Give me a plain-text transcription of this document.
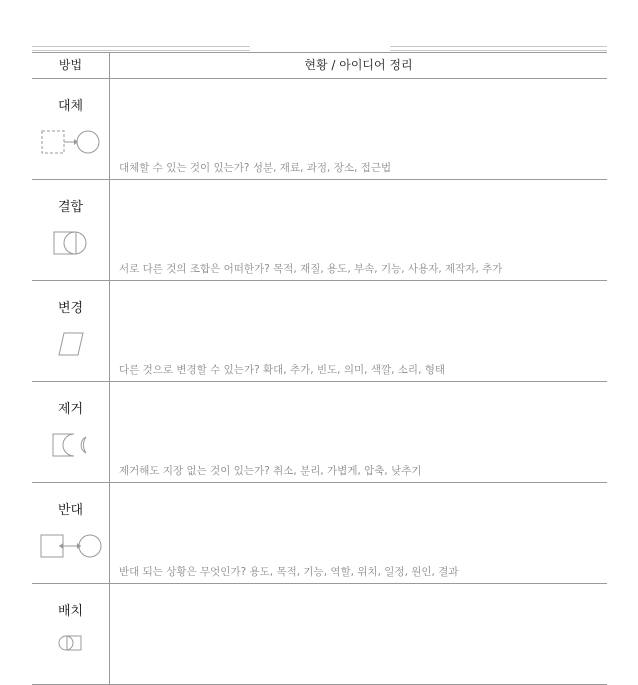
방법	현황 / 아이디어 정리
대체
대체할 수 있는 것이 있는가? 성분, 재료, 과정, 장소, 접근법
결합
서로 다른 것의 조합은 어떠한가? 목적, 재질, 용도, 부속, 기능, 사용자, 제작자, 추가
변경
다른 것으로 변경할 수 있는가? 확대, 추가, 빈도, 의미, 색깔, 소리, 형태
제거
제거해도 지장 없는 것이 있는가? 취소, 분리, 가볍게, 압축, 낮추기
반대
반대 되는 상황은 무엇인가? 용도, 목적, 기능, 역할, 위치, 일정, 원인, 결과
배치
